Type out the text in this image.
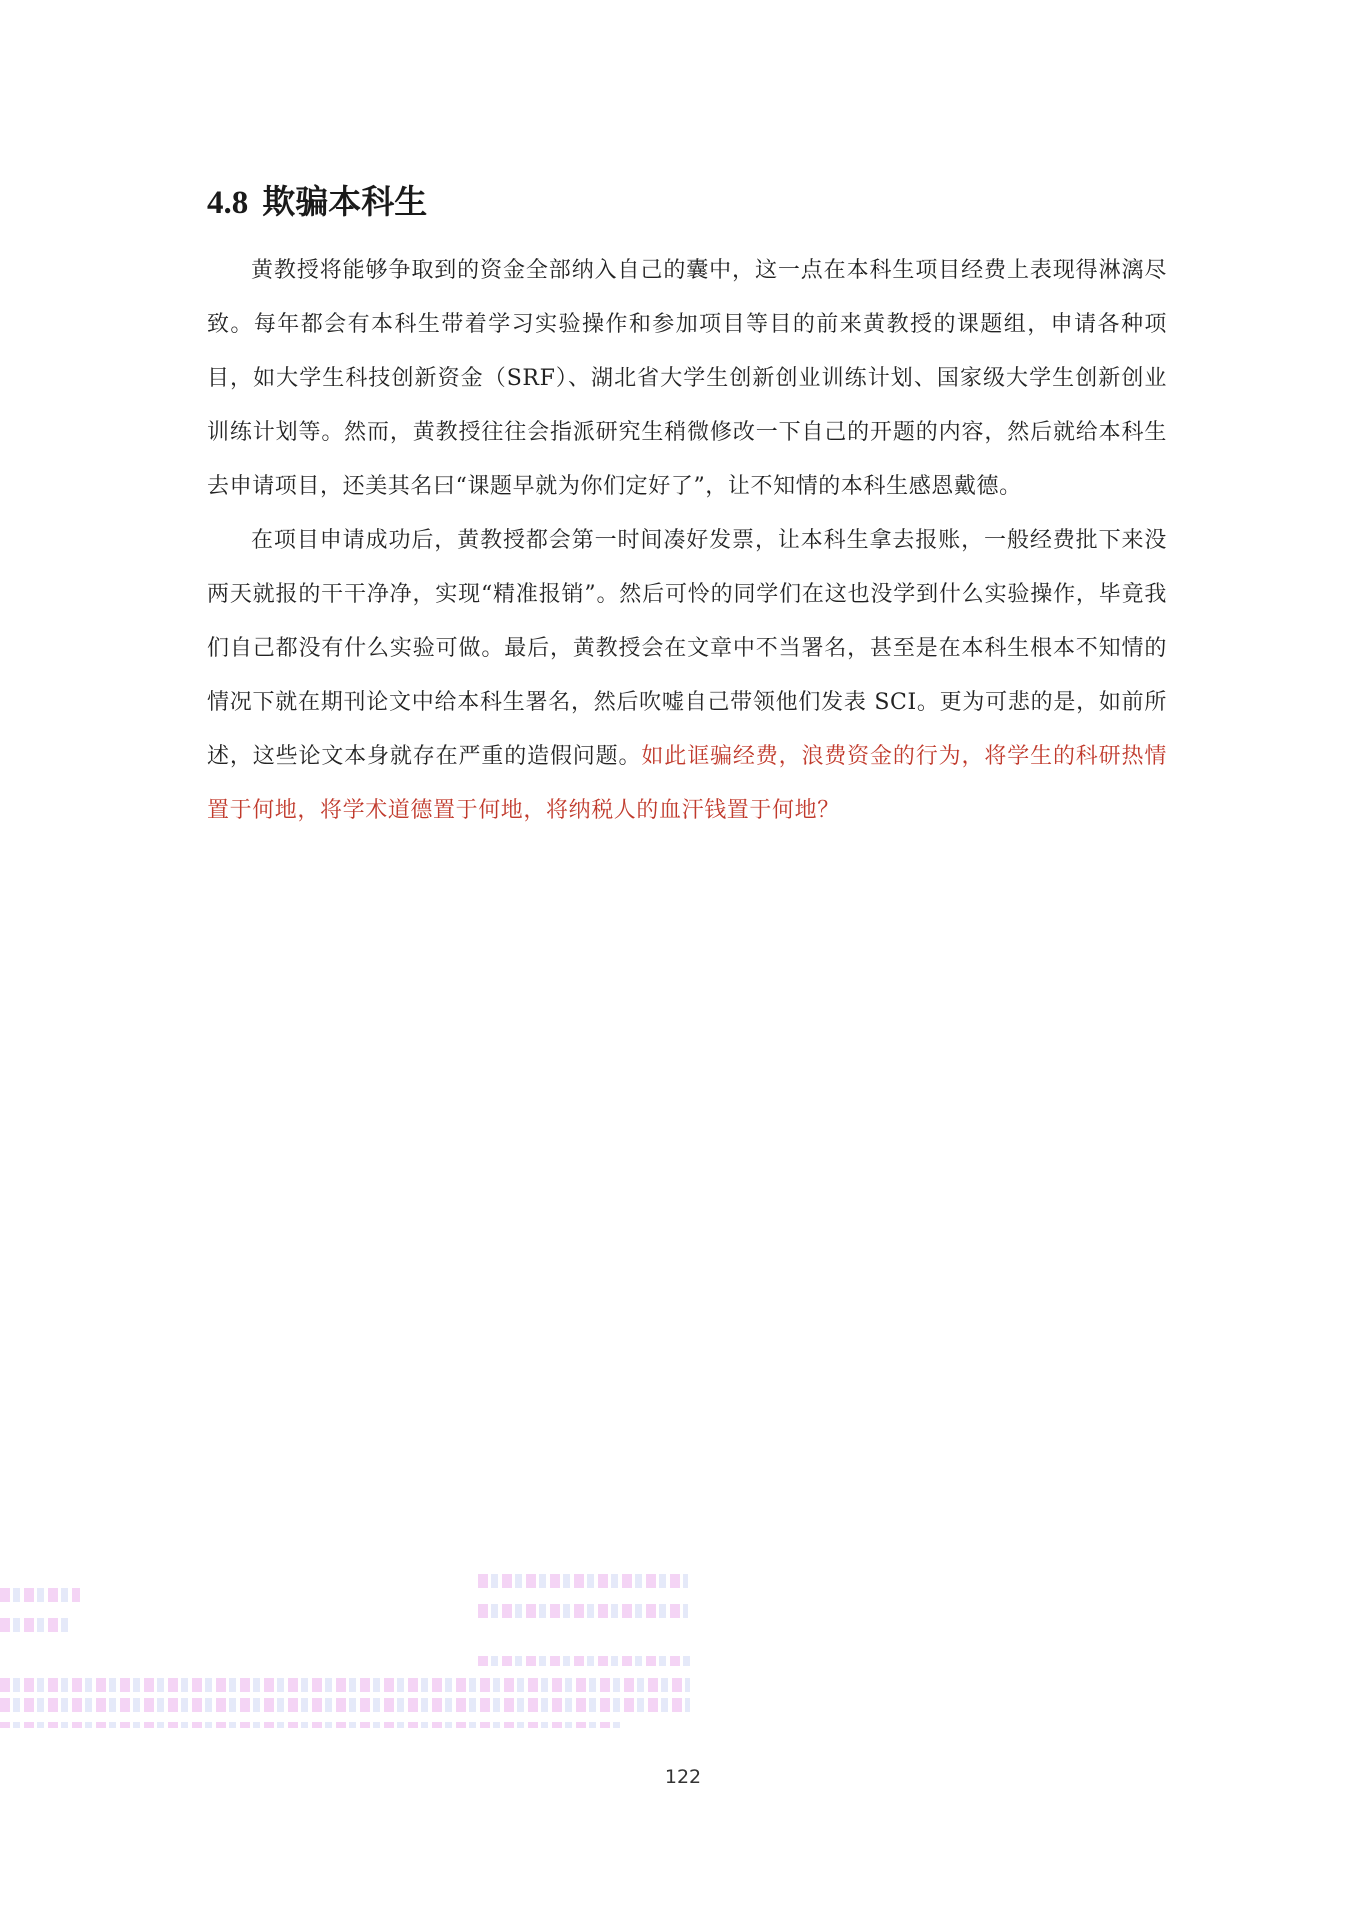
4.8 欺骗本科生

黄教授将能够争取到的资金全部纳入自己的囊中，这一点在本科生项目经费上表现得淋漓尽致。每年都会有本科生带着学习实验操作和参加项目等目的前来黄教授的课题组，申请各种项目，如大学生科技创新资金（SRF）、湖北省大学生创新创业训练计划、国家级大学生创新创业训练计划等。然而，黄教授往往会指派研究生稍微修改一下自己的开题的内容，然后就给本科生去申请项目，还美其名曰“课题早就为你们定好了”，让不知情的本科生感恩戴德。

在项目申请成功后，黄教授都会第一时间凑好发票，让本科生拿去报账，一般经费批下来没两天就报的干干净净，实现“精准报销”。然后可怜的同学们在这也没学到什么实验操作，毕竟我们自己都没有什么实验可做。最后，黄教授会在文章中不当署名，甚至是在本科生根本不知情的情况下就在期刊论文中给本科生署名，然后吹嘘自己带领他们发表 SCI。更为可悲的是，如前所述，这些论文本身就存在严重的造假问题。如此诓骗经费，浪费资金的行为，将学生的科研热情置于何地，将学术道德置于何地，将纳税人的血汗钱置于何地？

122
